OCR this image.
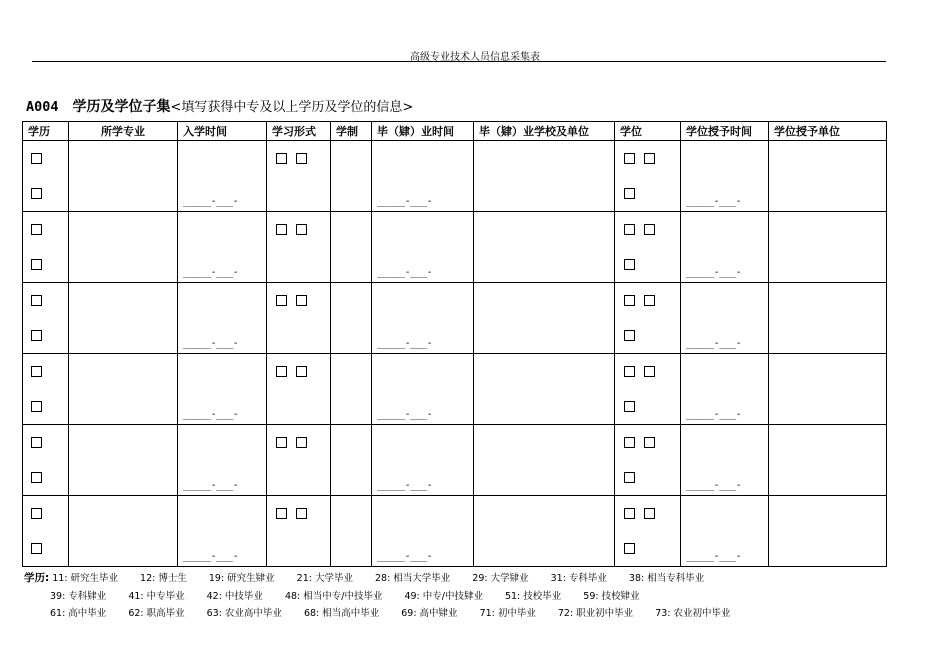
高级专业技术人员信息采集表
A004 学历及学位子集<填写获得中专及以上学历及学位的信息>
学历	所学专业	入学时间	学习形式	学制	毕（肄）业时间	毕（肄）业学校及单位	学位	学位授予时间	学位授予单位

		_____-___-			_____-___-			_____-___-	

		_____-___-			_____-___-			_____-___-	

		_____-___-			_____-___-			_____-___-	

		_____-___-			_____-___-			_____-___-	

		_____-___-			_____-___-			_____-___-	

		_____-___-			_____-___-			_____-___-	

学历: 11: 研究生毕业 12: 博士生 19: 研究生肄业 21: 大学毕业 28: 相当大学毕业 29: 大学肄业 31: 专科毕业 38: 相当专科毕业
39: 专科肄业 41: 中专毕业 42: 中技毕业 48: 相当中专/中技毕业 49: 中专/中技肄业 51: 技校毕业 59: 技校肄业
61: 高中毕业 62: 职高毕业 63: 农业高中毕业 68: 相当高中毕业 69: 高中肄业 71: 初中毕业 72: 职业初中毕业 73: 农业初中毕业
